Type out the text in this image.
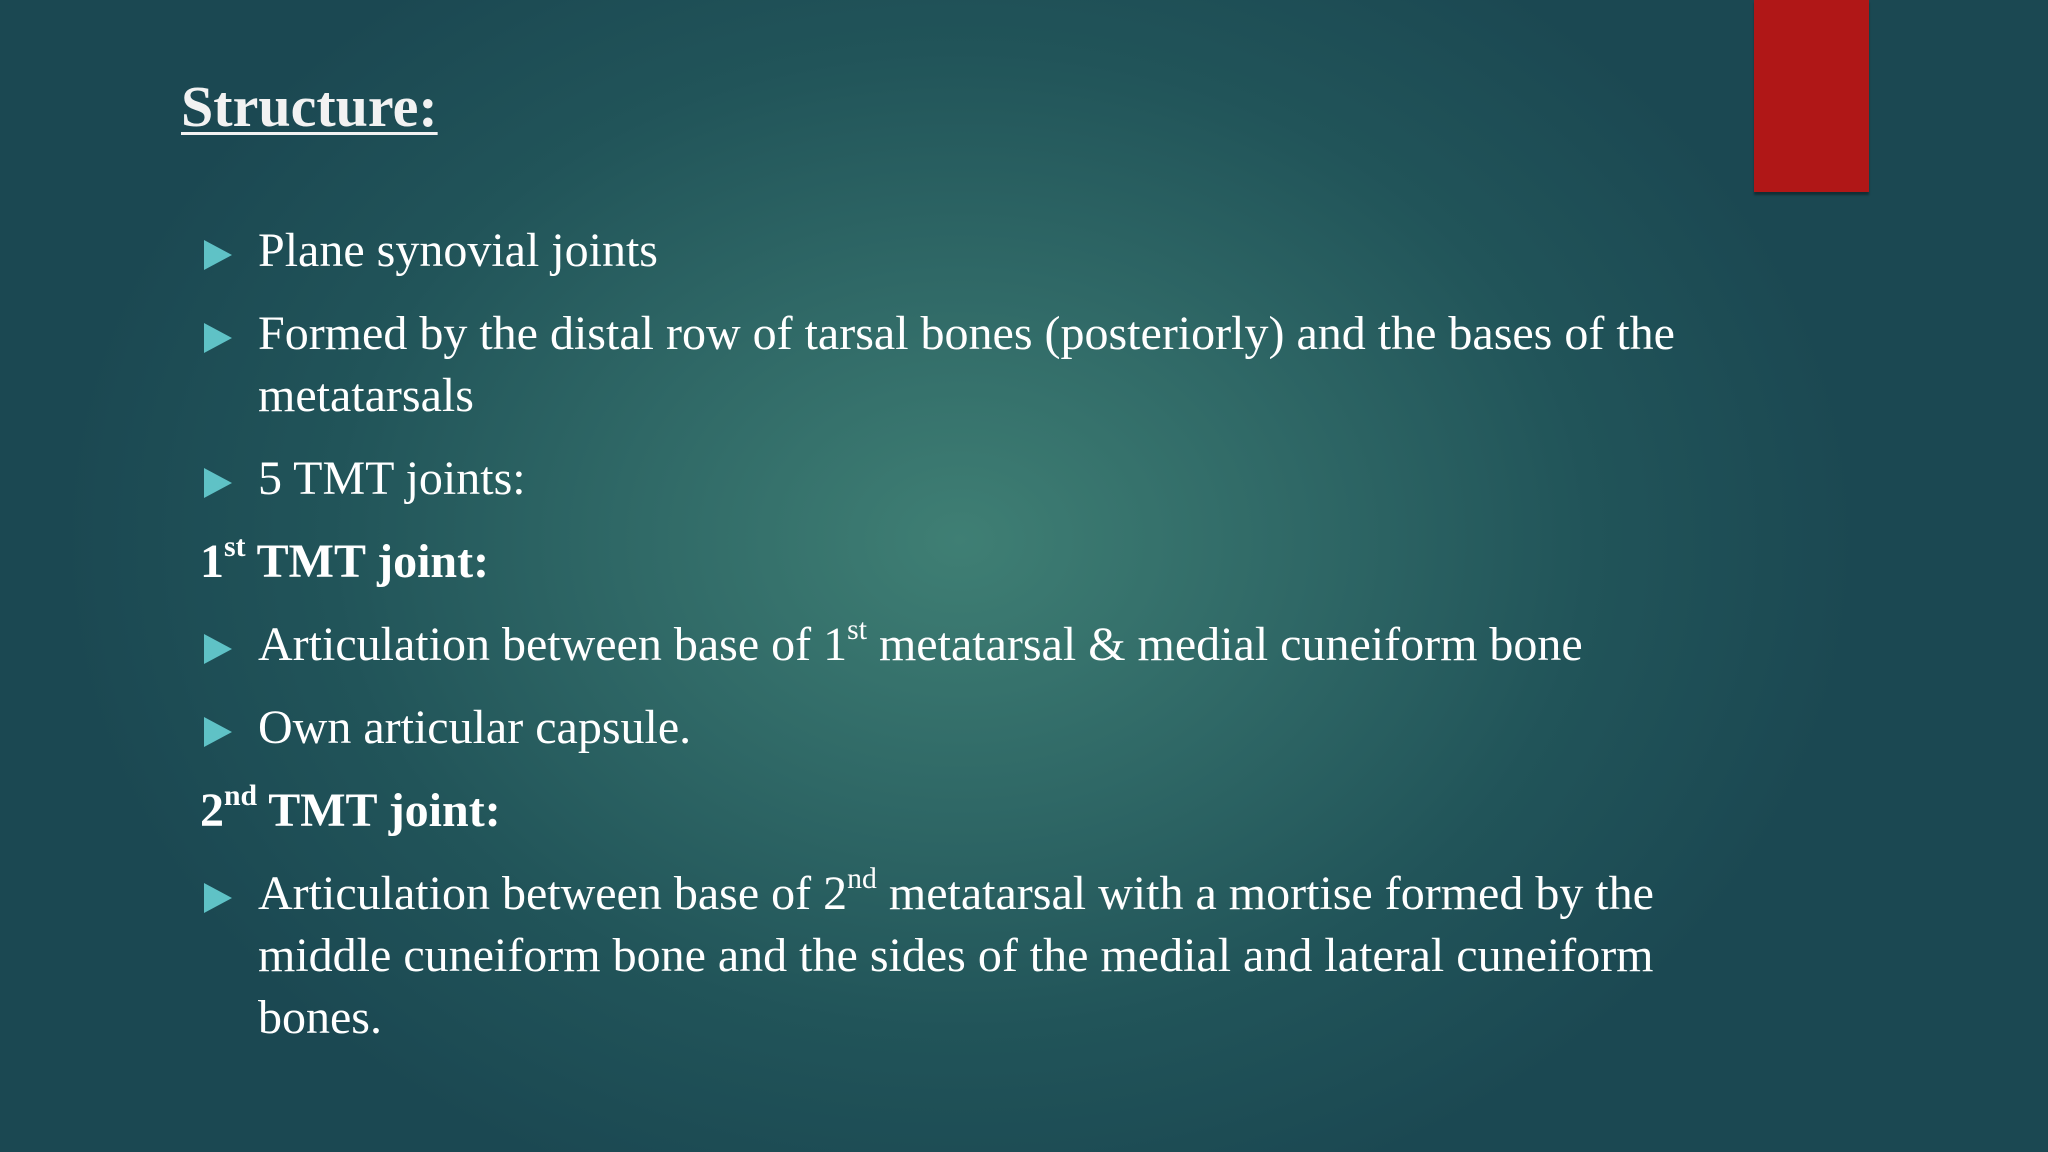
Structure:
Plane synovial joints
Formed by the distal row of tarsal bones (posteriorly) and the bases of the metatarsals
5 TMT joints:
1st TMT joint:
Articulation between base of 1st metatarsal & medial cuneiform bone
Own articular capsule.
2nd TMT joint:
Articulation between base of 2nd metatarsal with a mortise formed by the middle cuneiform bone and the sides of the medial and lateral cuneiform bones.
